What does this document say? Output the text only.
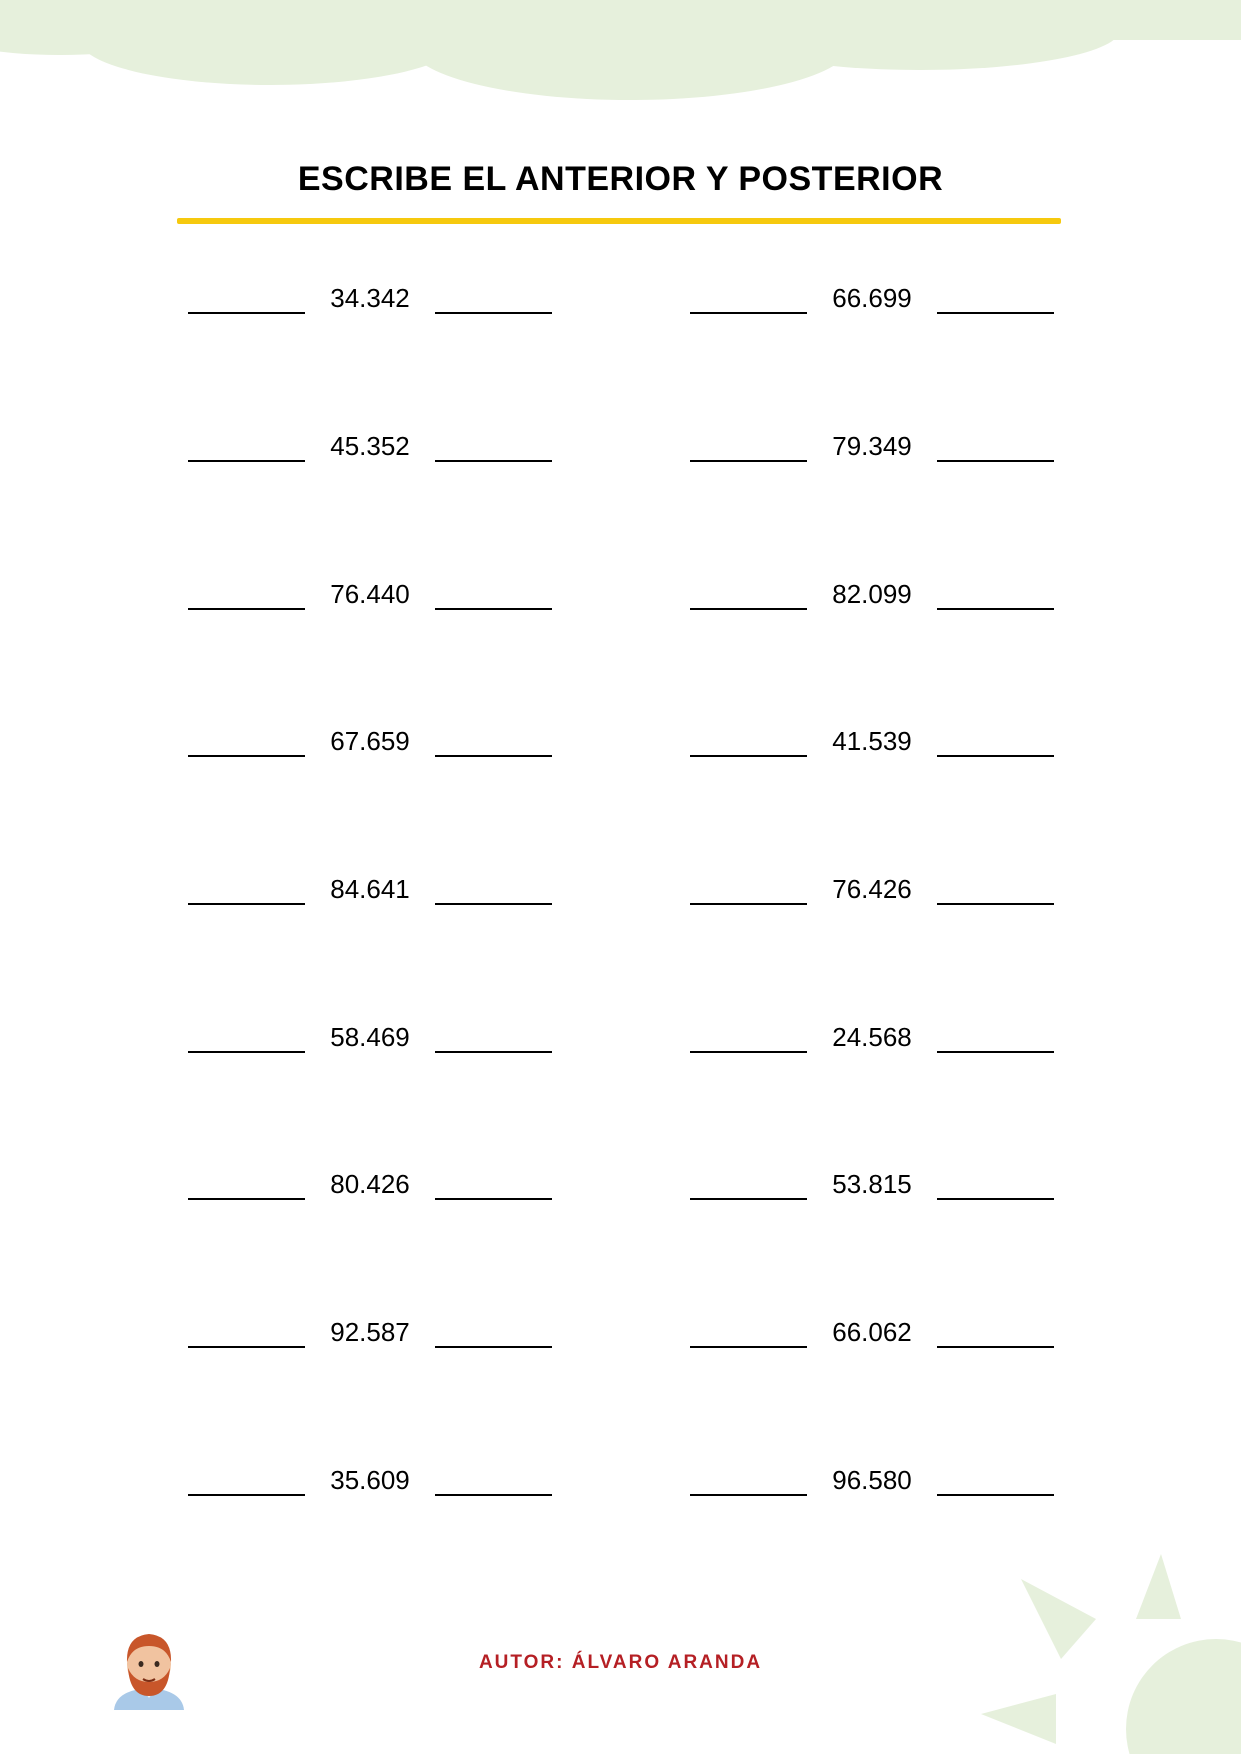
ESCRIBE EL ANTERIOR Y POSTERIOR
34.342	66.699
45.352	79.349
76.440	82.099
67.659	41.539
84.641	76.426
58.469	24.568
80.426	53.815
92.587	66.062
35.609	96.580
AUTOR: ÁLVARO ARANDA
